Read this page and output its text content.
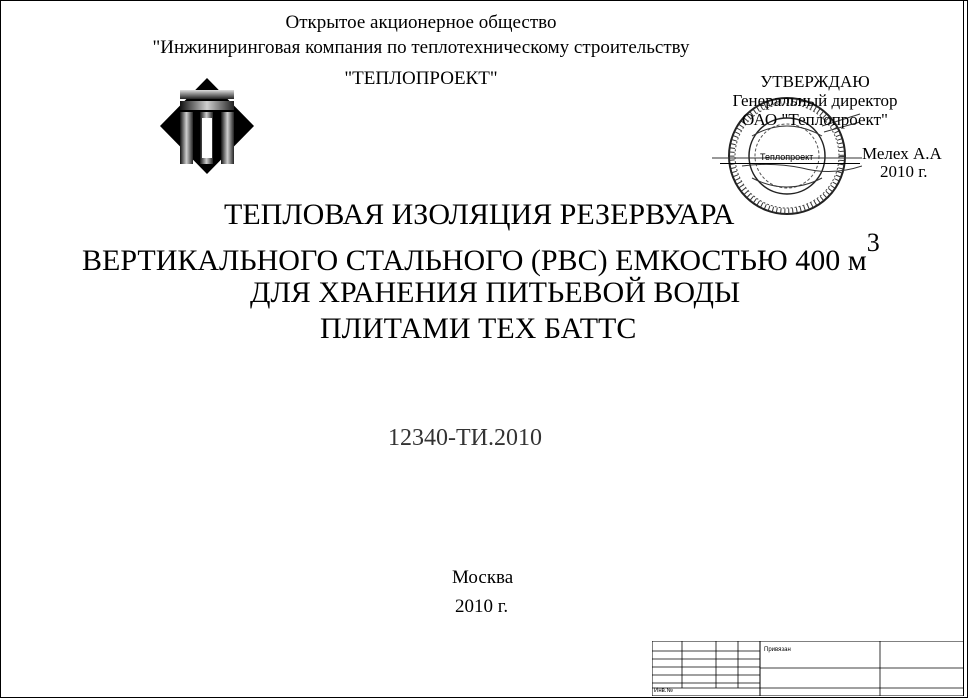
Открытое акционерное общество
"Инжиниринговая компания по теплотехническому строительству
"ТЕПЛОПРОЕКТ"	УТВЕРЖДАЮ
Генеральный директор
ОАО "Теплопроект"
Теплопроект	Мелех А.А
2010 г.
ТЕПЛОВАЯ ИЗОЛЯЦИЯ РЕЗЕРВУАРА
ВЕРТИКАЛЬНОГО СТАЛЬНОГО (РВС) ЕМКОСТЬЮ 400 $м^3$
ДЛЯ ХРАНЕНИЯ ПИТЬЕВОЙ ВОДЫ
ПЛИТАМИ ТЕХ БАТТС
12340-ТИ.2010
Москва
2010 г.
Привязан
Инв.№
